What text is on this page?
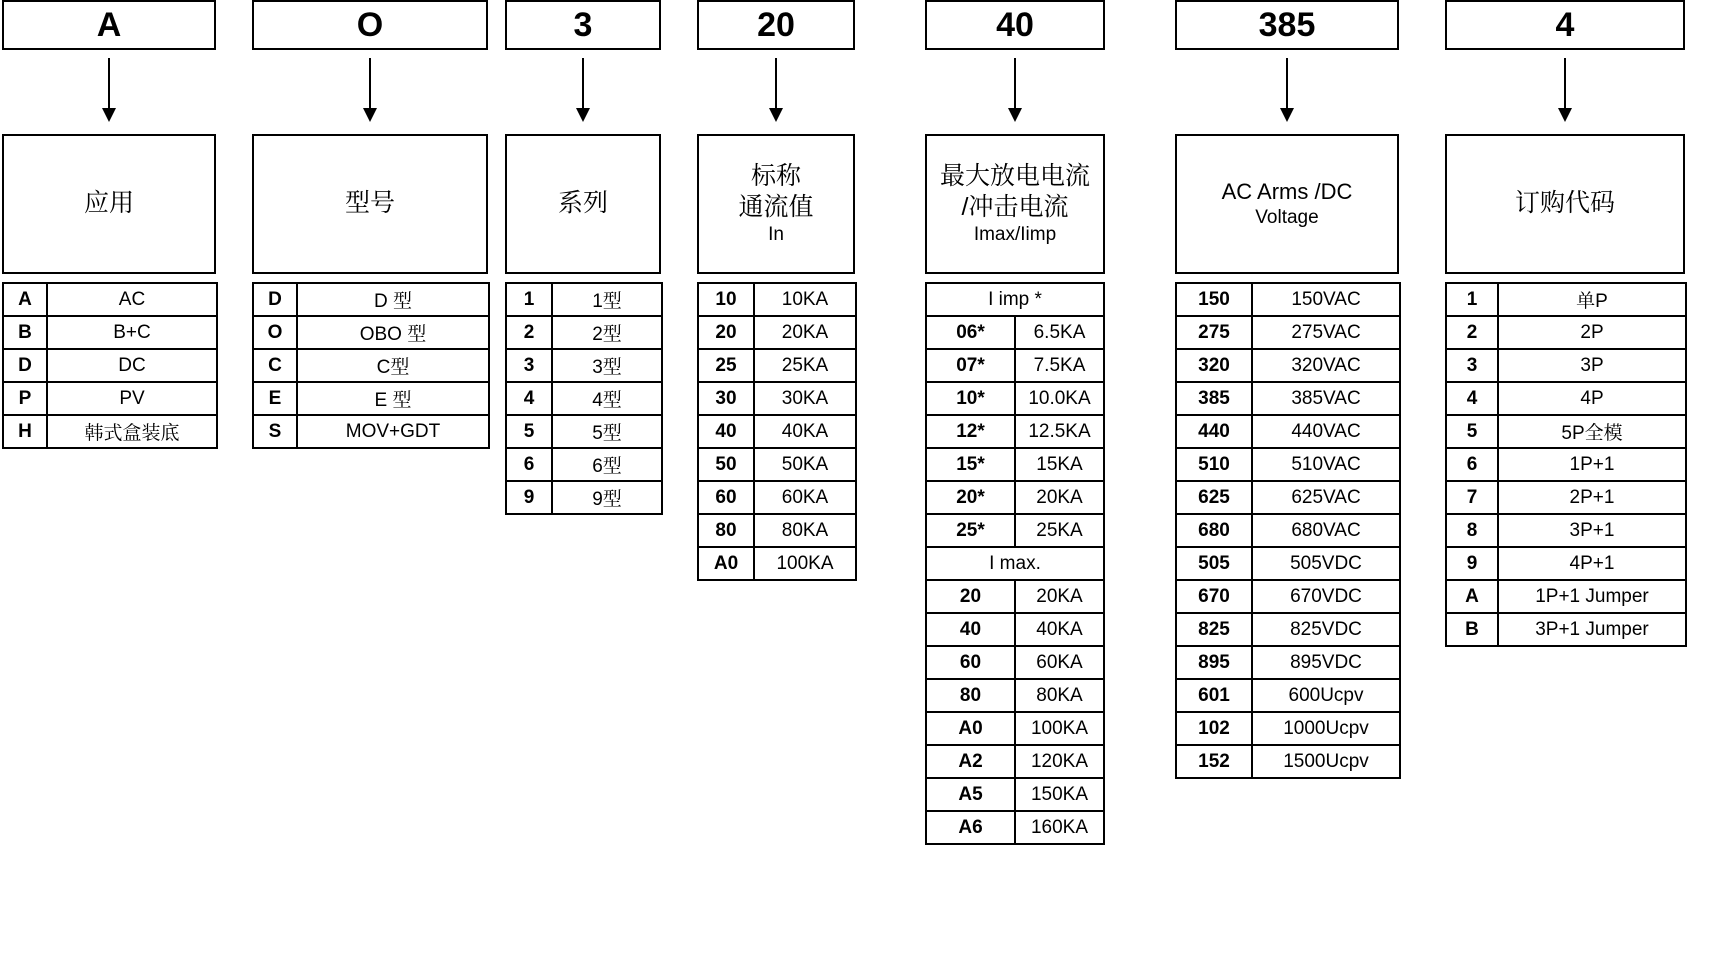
A
应用
A	AC
B	B+C
D	DC
P	PV
H	韩式盒装底
O
型号
D	D 型
O	OBO 型
C	C型
E	E 型
S	MOV+GDT
3
系列
1	1型
2	2型
3	3型
4	4型
5	5型
6	6型
9	9型
20
标称
通流值
In
10	10KA
20	20KA
25	25KA
30	30KA
40	40KA
50	50KA
60	60KA
80	80KA
A0	100KA
40
最大放电电流
/冲击电流
Imax/Iimp
I imp *	
06*	6.5KA
07*	7.5KA
10*	10.0KA
12*	12.5KA
15*	15KA
20*	20KA
25*	25KA
I max.	
20	20KA
40	40KA
60	60KA
80	80KA
A0	100KA
A2	120KA
A5	150KA
A6	160KA
385
AC Arms /DC
Voltage
150	150VAC
275	275VAC
320	320VAC
385	385VAC
440	440VAC
510	510VAC
625	625VAC
680	680VAC
505	505VDC
670	670VDC
825	825VDC
895	895VDC
601	600Ucpv
102	1000Ucpv
152	1500Ucpv
4
订购代码
1	单P
2	2P
3	3P
4	4P
5	5P全模
6	1P+1
7	2P+1
8	3P+1
9	4P+1
A	1P+1 Jumper
B	3P+1 Jumper
